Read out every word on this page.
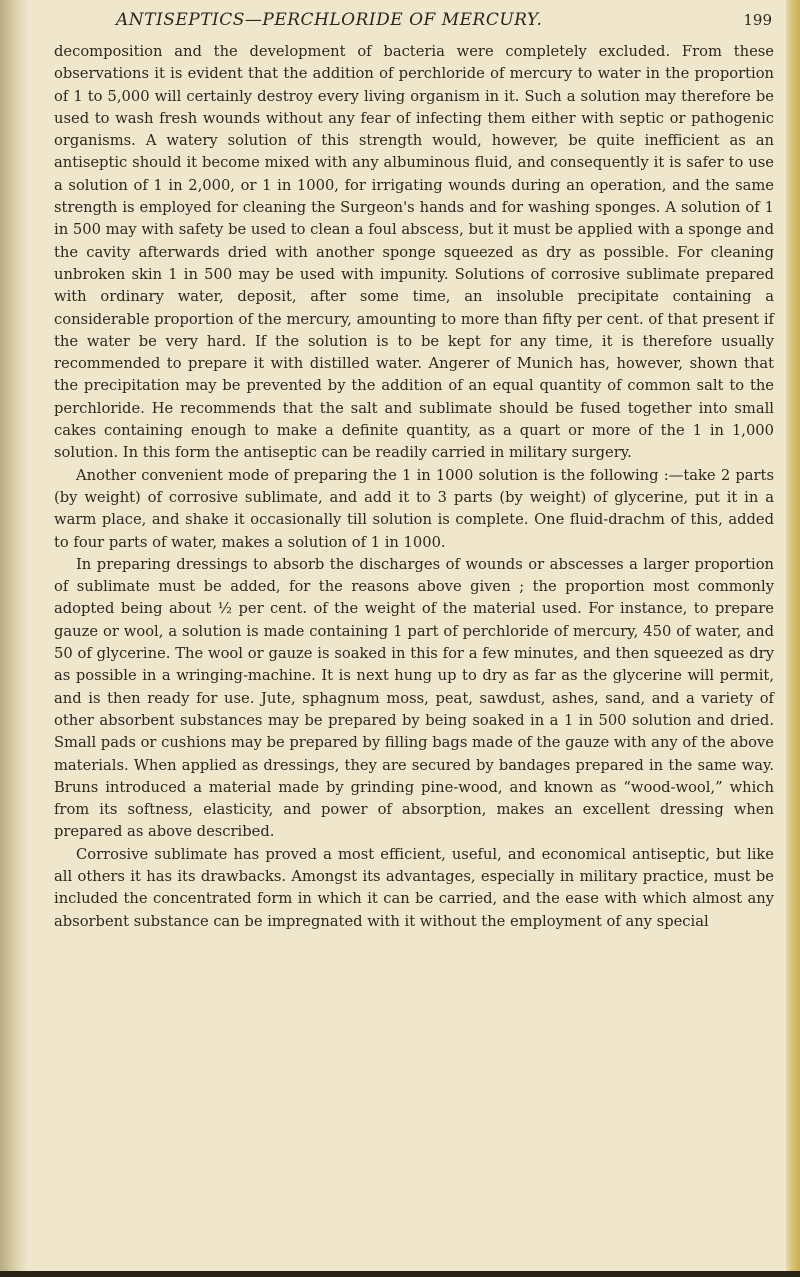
ANTISEPTICS—PERCHLORIDE OF MERCURY.	199

decomposition and the development of bacteria were completely excluded. From these observations it is evident that the addition of perchloride of mercury to water in the proportion of 1 to 5,000 will certainly destroy every living organism in it. Such a solution may therefore be used to wash fresh wounds without any fear of infecting them either with septic or pathogenic organisms. A watery solution of this strength would, however, be quite inefficient as an antiseptic should it become mixed with any albuminous fluid, and consequently it is safer to use a solution of 1 in 2,000, or 1 in 1000, for irrigating wounds during an operation, and the same strength is employed for cleaning the Surgeon's hands and for washing sponges. A solution of 1 in 500 may with safety be used to clean a foul abscess, but it must be applied with a sponge and the cavity afterwards dried with another sponge squeezed as dry as possible. For cleaning unbroken skin 1 in 500 may be used with impunity. Solutions of corrosive sublimate prepared with ordinary water, deposit, after some time, an insoluble precipitate containing a considerable proportion of the mercury, amounting to more than fifty per cent. of that present if the water be very hard. If the solution is to be kept for any time, it is therefore usually recommended to prepare it with distilled water. Angerer of Munich has, however, shown that the precipitation may be prevented by the addition of an equal quantity of common salt to the perchloride. He recommends that the salt and sublimate should be fused together into small cakes containing enough to make a definite quantity, as a quart or more of the 1 in 1,000 solution. In this form the antiseptic can be readily carried in military surgery.

Another convenient mode of preparing the 1 in 1000 solution is the following :—take 2 parts (by weight) of corrosive sublimate, and add it to 3 parts (by weight) of glycerine, put it in a warm place, and shake it occasionally till solution is complete. One fluid-drachm of this, added to four parts of water, makes a solution of 1 in 1000.

In preparing dressings to absorb the discharges of wounds or abscesses a larger proportion of sublimate must be added, for the reasons above given ; the proportion most commonly adopted being about ½ per cent. of the weight of the material used. For instance, to prepare gauze or wool, a solution is made containing 1 part of perchloride of mercury, 450 of water, and 50 of glycerine. The wool or gauze is soaked in this for a few minutes, and then squeezed as dry as possible in a wringing-machine. It is next hung up to dry as far as the glycerine will permit, and is then ready for use. Jute, sphagnum moss, peat, sawdust, ashes, sand, and a variety of other absorbent substances may be prepared by being soaked in a 1 in 500 solution and dried. Small pads or cushions may be prepared by filling bags made of the gauze with any of the above materials. When applied as dressings, they are secured by bandages prepared in the same way. Bruns introduced a material made by grinding pine-wood, and known as “wood-wool,” which from its softness, elasticity, and power of absorption, makes an excellent dressing when prepared as above described.

Corrosive sublimate has proved a most efficient, useful, and economical antiseptic, but like all others it has its drawbacks. Amongst its advantages, especially in military practice, must be included the concentrated form in which it can be carried, and the ease with which almost any absorbent substance can be impregnated with it without the employment of any special
